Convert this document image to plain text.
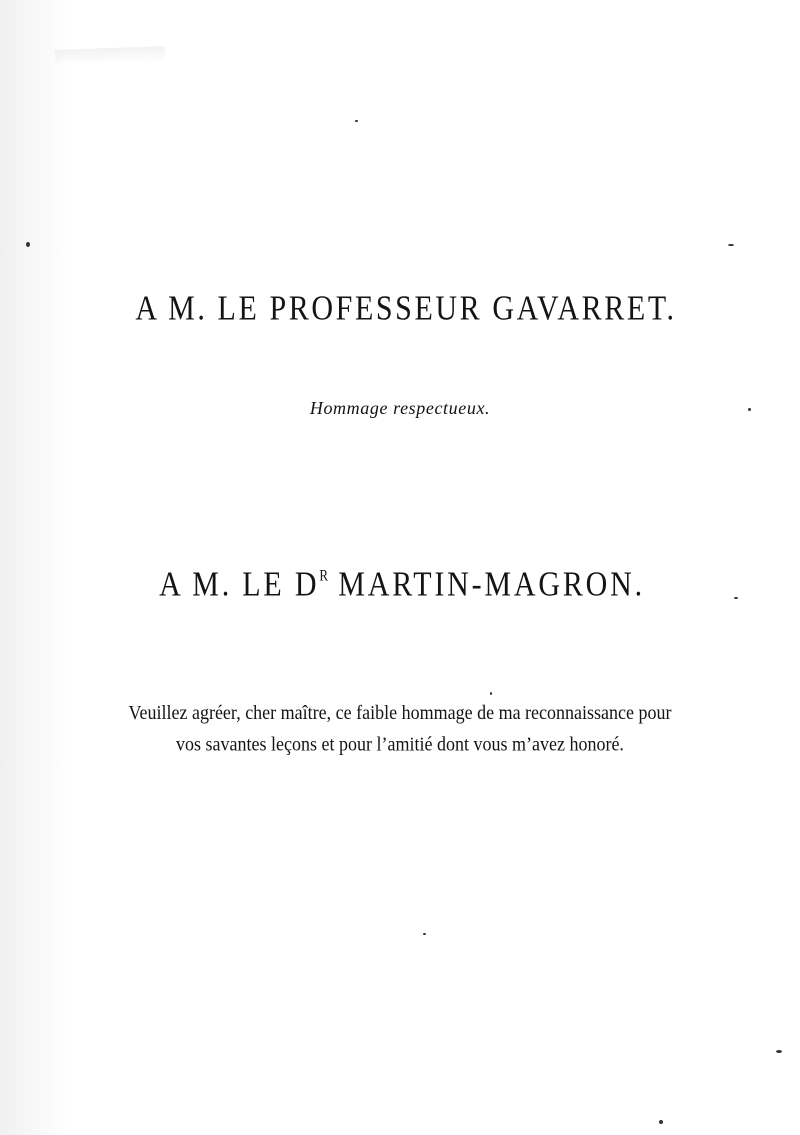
A M. LE PROFESSEUR GAVARRET.
Hommage respectueux.
A M. LE $D^R$ MARTIN-MAGRON.
Veuillez agréer, cher maître, ce faible hommage de ma reconnaissance pour
vos savantes leçons et pour l’amitié dont vous m’avez honoré.
